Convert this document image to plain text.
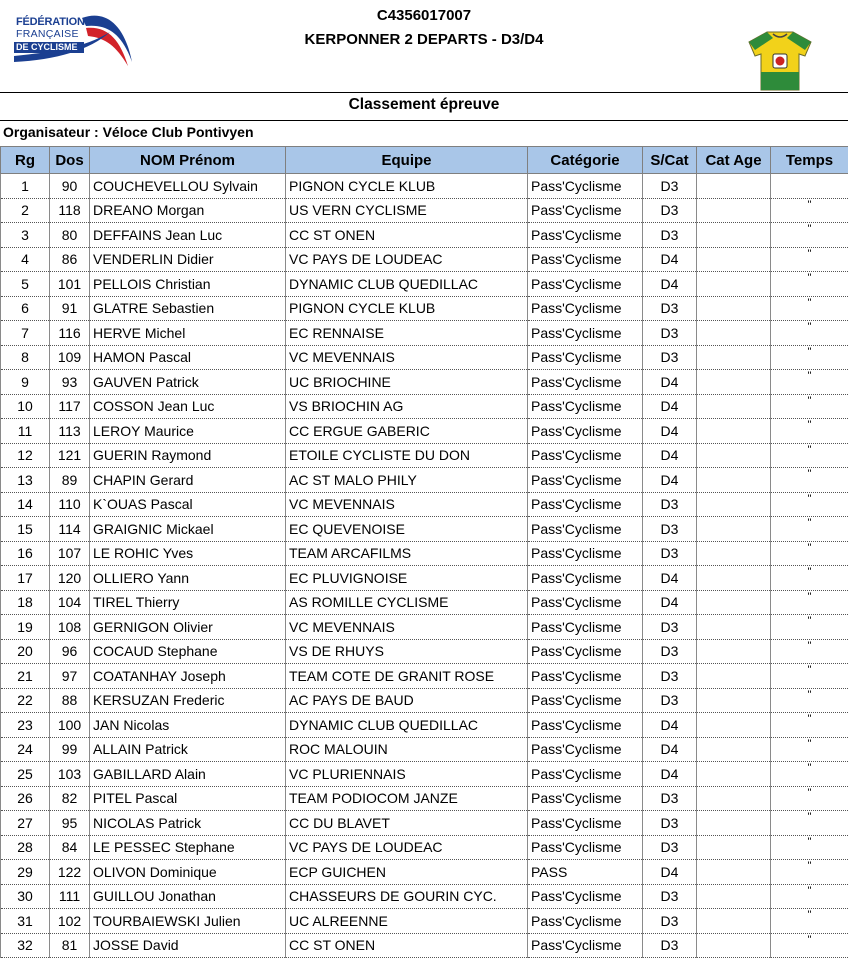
FÉDÉRATION
FRANÇAISE
DE CYCLISME
C4356017007
KERPONNER 2 DEPARTS - D3/D4
Classement épreuve
Organisateur : Véloce Club Pontivyen
Rg	Dos	NOM Prénom	Equipe	Catégorie	S/Cat	Cat Age	Temps
1	90	COUCHEVELLOU Sylvain	PIGNON CYCLE KLUB	Pass'Cyclisme	D3		
2	118	DREANO Morgan	US VERN CYCLISME	Pass'Cyclisme	D3		"
3	80	DEFFAINS Jean Luc	CC ST ONEN	Pass'Cyclisme	D3		"
4	86	VENDERLIN Didier	VC PAYS DE LOUDEAC	Pass'Cyclisme	D4		"
5	101	PELLOIS Christian	DYNAMIC CLUB QUEDILLAC	Pass'Cyclisme	D4		"
6	91	GLATRE Sebastien	PIGNON CYCLE KLUB	Pass'Cyclisme	D3		"
7	116	HERVE Michel	EC RENNAISE	Pass'Cyclisme	D3		"
8	109	HAMON Pascal	VC MEVENNAIS	Pass'Cyclisme	D3		"
9	93	GAUVEN Patrick	UC BRIOCHINE	Pass'Cyclisme	D4		"
10	117	COSSON Jean Luc	VS BRIOCHIN AG	Pass'Cyclisme	D4		"
11	113	LEROY Maurice	CC ERGUE GABERIC	Pass'Cyclisme	D4		"
12	121	GUERIN Raymond	ETOILE CYCLISTE DU DON	Pass'Cyclisme	D4		"
13	89	CHAPIN Gerard	AC ST MALO PHILY	Pass'Cyclisme	D4		"
14	110	K`OUAS Pascal	VC MEVENNAIS	Pass'Cyclisme	D3		"
15	114	GRAIGNIC Mickael	EC QUEVENOISE	Pass'Cyclisme	D3		"
16	107	LE ROHIC Yves	TEAM ARCAFILMS	Pass'Cyclisme	D3		"
17	120	OLLIERO Yann	EC PLUVIGNOISE	Pass'Cyclisme	D4		"
18	104	TIREL Thierry	AS ROMILLE CYCLISME	Pass'Cyclisme	D4		"
19	108	GERNIGON Olivier	VC MEVENNAIS	Pass'Cyclisme	D3		"
20	96	COCAUD Stephane	VS DE RHUYS	Pass'Cyclisme	D3		"
21	97	COATANHAY Joseph	TEAM COTE DE GRANIT ROSE	Pass'Cyclisme	D3		"
22	88	KERSUZAN Frederic	AC PAYS DE BAUD	Pass'Cyclisme	D3		"
23	100	JAN Nicolas	DYNAMIC CLUB QUEDILLAC	Pass'Cyclisme	D4		"
24	99	ALLAIN Patrick	ROC MALOUIN	Pass'Cyclisme	D4		"
25	103	GABILLARD Alain	VC PLURIENNAIS	Pass'Cyclisme	D4		"
26	82	PITEL Pascal	TEAM PODIOCOM JANZE	Pass'Cyclisme	D3		"
27	95	NICOLAS Patrick	CC DU BLAVET	Pass'Cyclisme	D3		"
28	84	LE PESSEC Stephane	VC PAYS DE LOUDEAC	Pass'Cyclisme	D3		"
29	122	OLIVON Dominique	ECP GUICHEN	PASS	D4		"
30	111	GUILLOU Jonathan	CHASSEURS DE GOURIN CYC.	Pass'Cyclisme	D3		"
31	102	TOURBAIEWSKI Julien	UC ALREENNE	Pass'Cyclisme	D3		"
32	81	JOSSE David	CC ST ONEN	Pass'Cyclisme	D3		"
